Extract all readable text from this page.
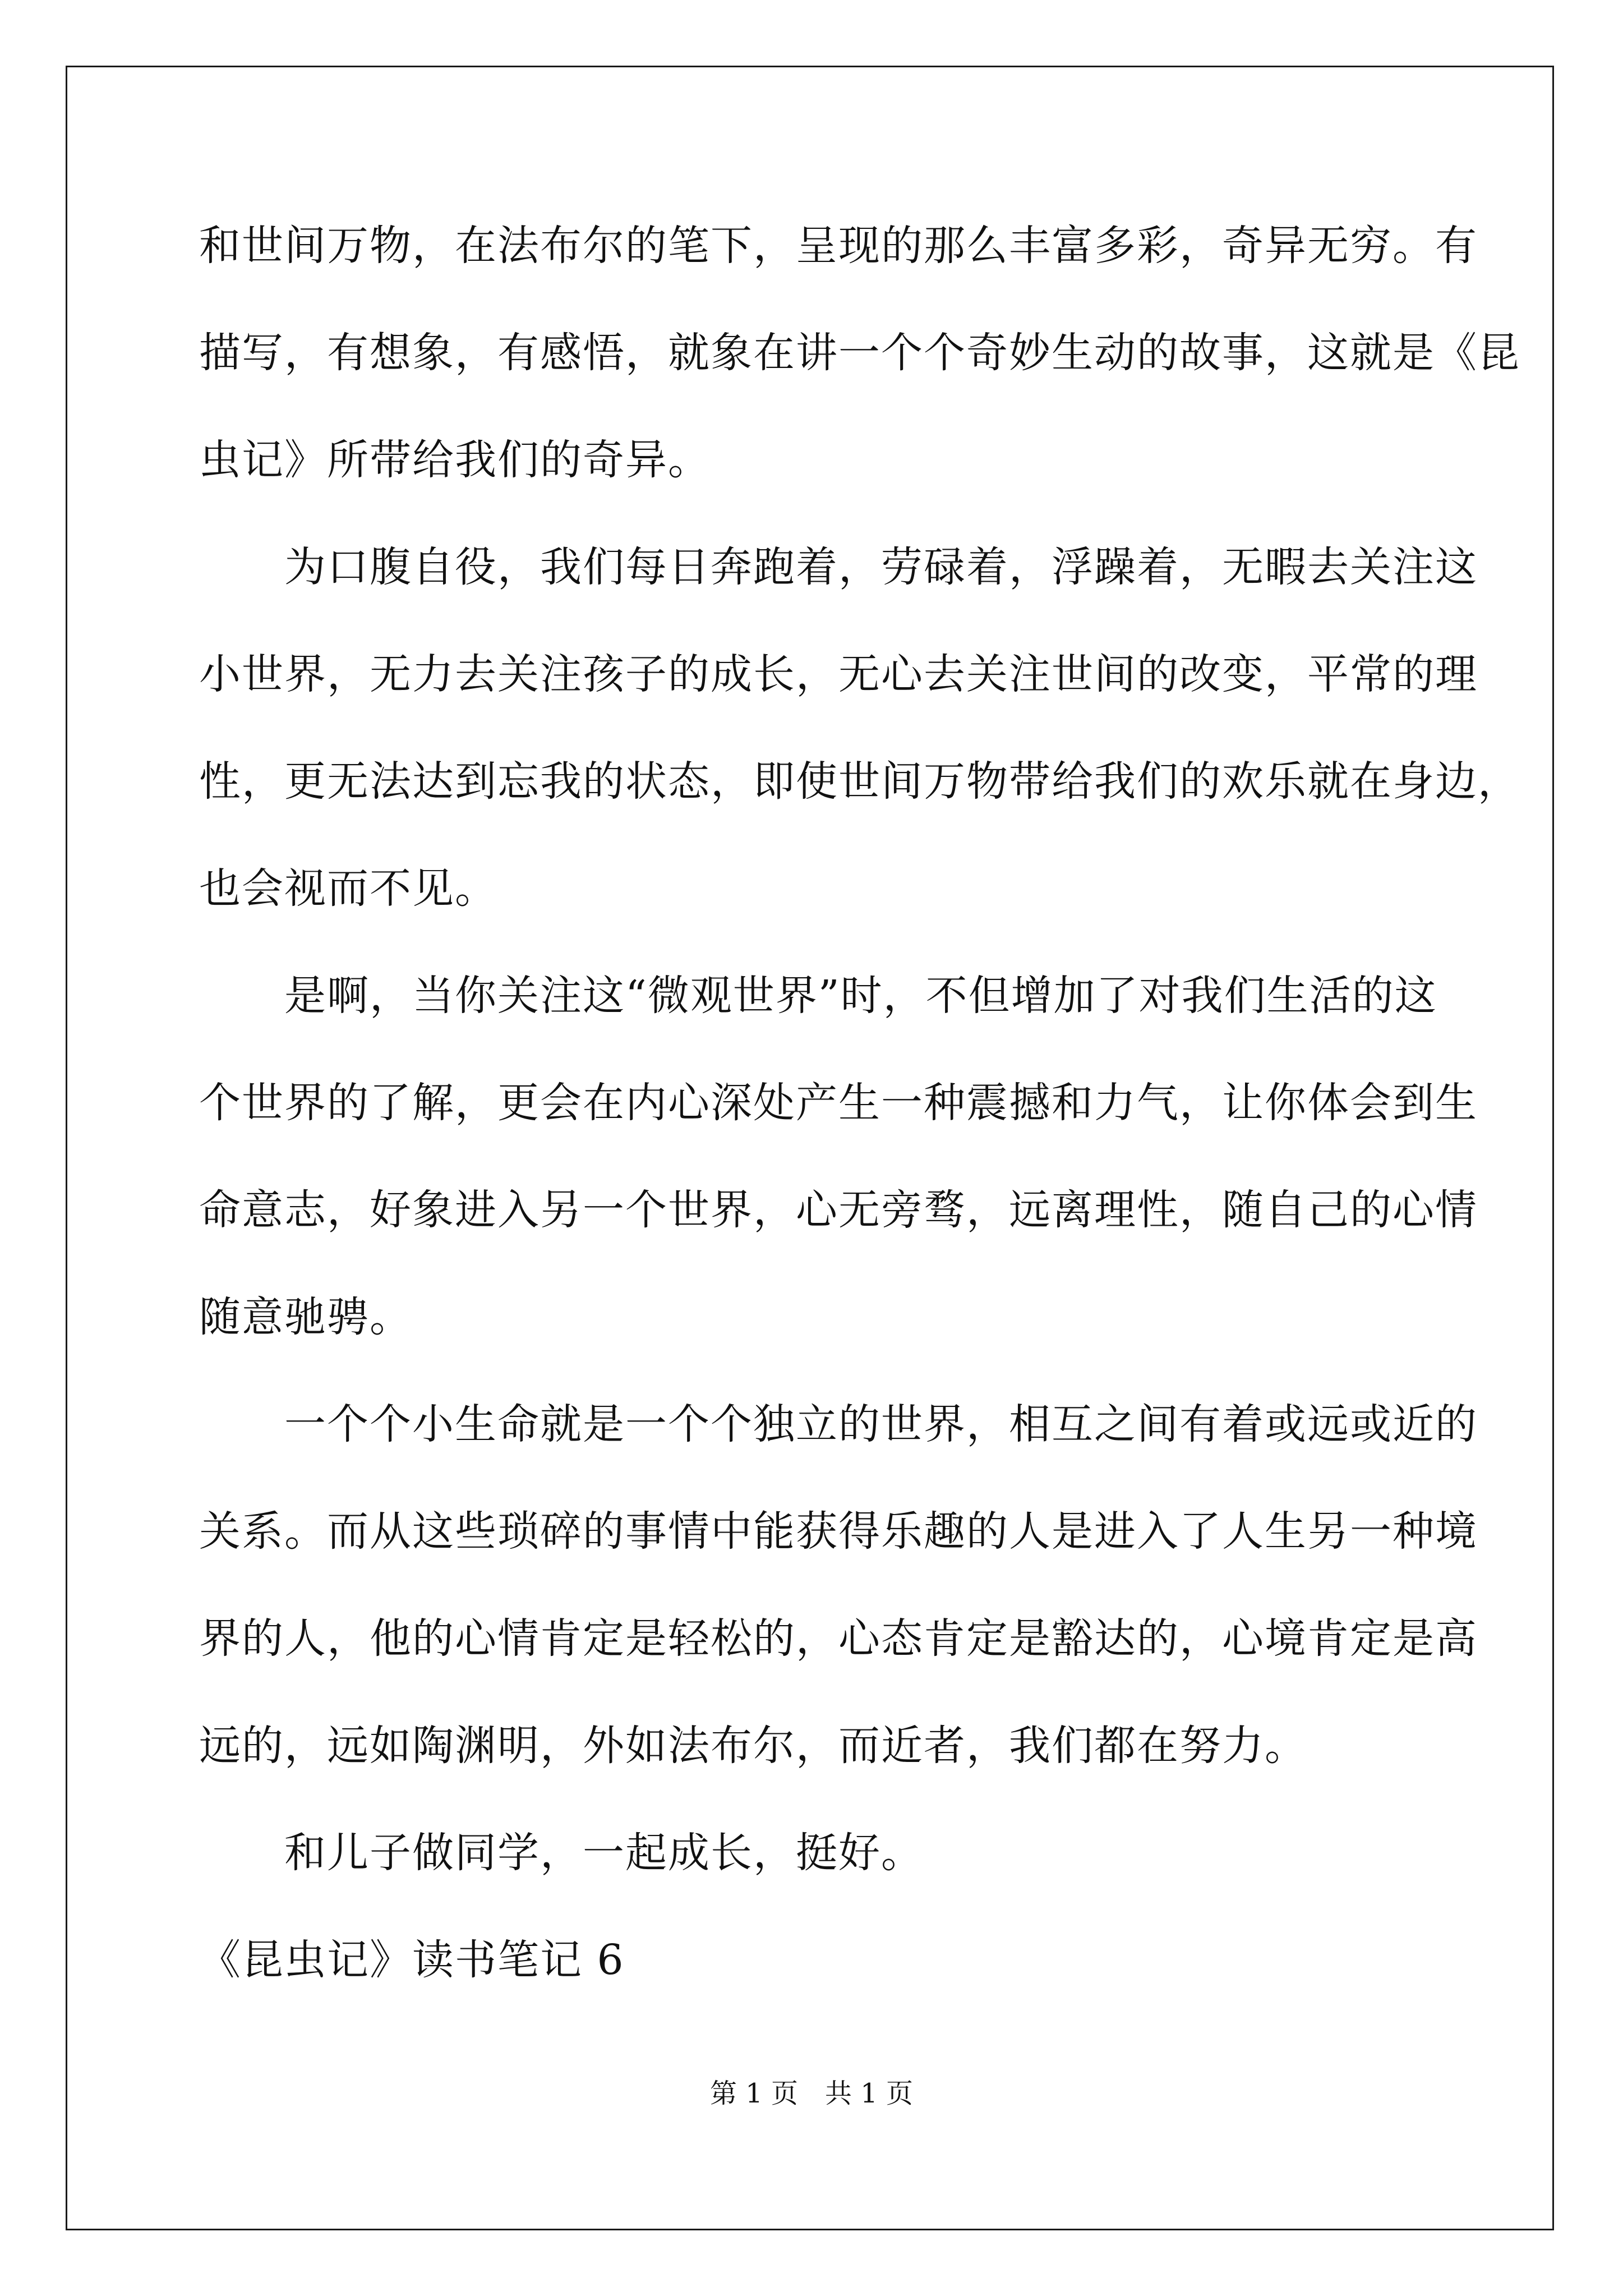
和世间万物，在法布尔的笔下，呈现的那么丰富多彩，奇异无穷。有
描写，有想象，有感悟，就象在讲一个个奇妙生动的故事，这就是《昆
虫记》所带给我们的奇异。
　　为口腹自役，我们每日奔跑着，劳碌着，浮躁着，无暇去关注这
小世界，无力去关注孩子的成长，无心去关注世间的改变，平常的理
性，更无法达到忘我的状态，即使世间万物带给我们的欢乐就在身边，
也会视而不见。
　　是啊，当你关注这“微观世界”时，不但增加了对我们生活的这
个世界的了解，更会在内心深处产生一种震撼和力气，让你体会到生
命意志，好象进入另一个世界，心无旁骛，远离理性，随自己的心情
随意驰骋。
　　一个个小生命就是一个个独立的世界，相互之间有着或远或近的
关系。而从这些琐碎的事情中能获得乐趣的人是进入了人生另一种境
界的人，他的心情肯定是轻松的，心态肯定是豁达的，心境肯定是高
远的，远如陶渊明，外如法布尔，而近者，我们都在努力。
　　和儿子做同学，一起成长，挺好。
《昆虫记》读书笔记 6
第 1 页　共 1 页
